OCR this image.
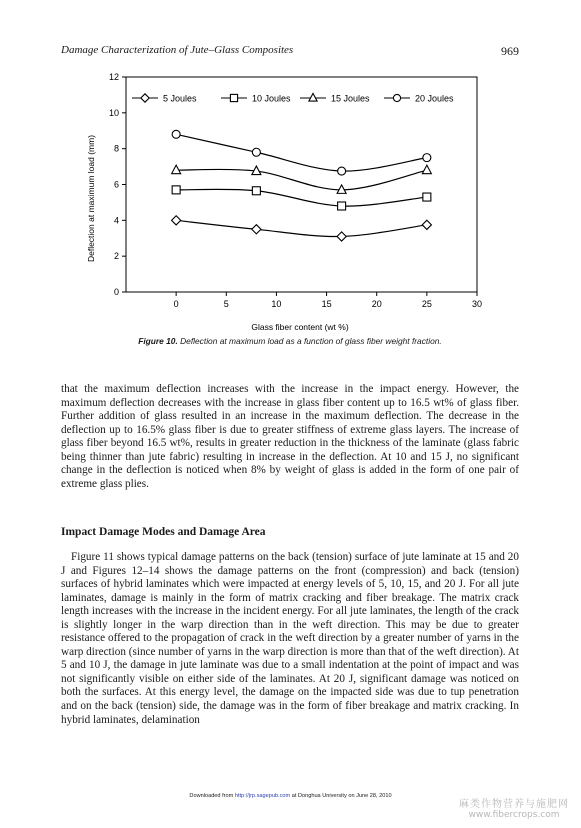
Damage Characterization of Jute–Glass Composites	969
0
2
4
6
8
10
12
0	5	10	15	20	25	30
Glass fiber content (wt %)
Deflection at maximum load (mm)
5 Joules	10 Joules	15 Joules	20 Joules
Figure 10. Deflection at maximum load as a function of glass fiber weight fraction.

that the maximum deflection increases with the increase in the impact energy. However, the maximum deflection decreases with the increase in glass fiber content up to 16.5 wt% of glass fiber. Further addition of glass resulted in an increase in the maximum deflection. The decrease in the deflection up to 16.5% glass fiber is due to greater stiffness of extreme glass layers. The increase of glass fiber beyond 16.5 wt%, results in greater reduction in the thickness of the laminate (glass fabric being thinner than jute fabric) resulting in increase in the deflection. At 10 and 15 J, no significant change in the deflection is noticed when 8% by weight of glass is added in the form of one pair of extreme glass plies.

Impact Damage Modes and Damage Area

Figure 11 shows typical damage patterns on the back (tension) surface of jute laminate at 15 and 20 J and Figures 12–14 shows the damage patterns on the front (compression) and back (tension) surfaces of hybrid laminates which were impacted at energy levels of 5, 10, 15, and 20 J. For all jute laminates, damage is mainly in the form of matrix cracking and fiber breakage. The matrix crack length increases with the increase in the incident energy. For all jute laminates, the length of the crack is slightly longer in the warp direction than in the weft direction. This may be due to greater resistance offered to the propagation of crack in the weft direction by a greater number of yarns in the warp direction (since number of yarns in the warp direction is more than that of the weft direction). At 5 and 10 J, the damage in jute laminate was due to a small indentation at the point of impact and was not significantly visible on either side of the laminates. At 20 J, significant damage was noticed on both the surfaces. At this energy level, the damage on the impacted side was due to tup penetration and on the back (tension) side, the damage was in the form of fiber breakage and matrix cracking. In hybrid laminates, delamination

Downloaded from http://jrp.sagepub.com at Donghua University on June 28, 2010
麻类作物营养与施肥网
www.fibercrops.com
